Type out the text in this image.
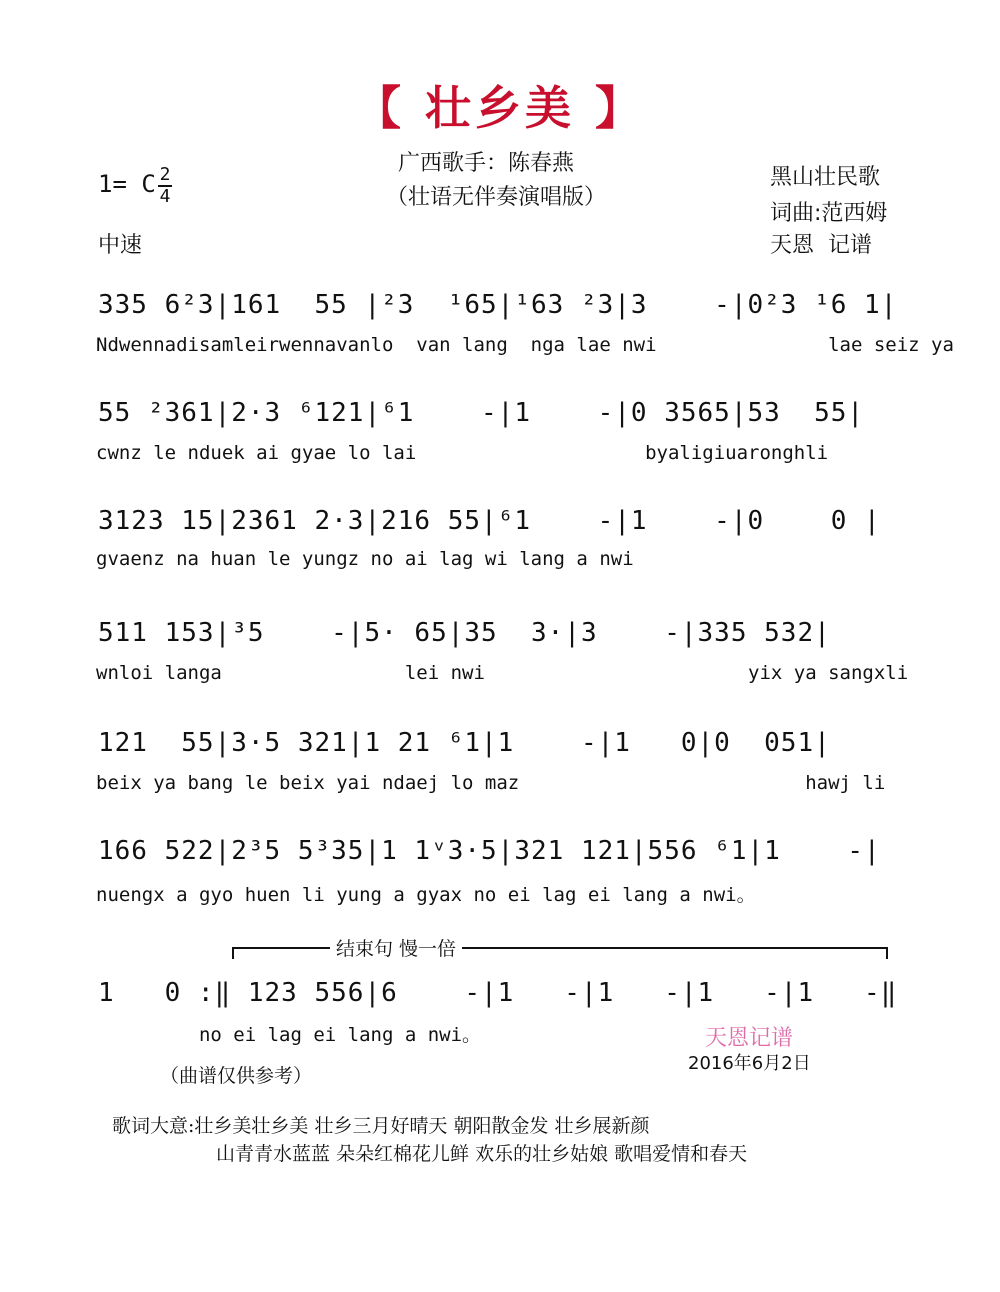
【 壮乡美 】
广西歌手：陈春燕
（壮语无伴奏演唱版）
1= C 2
4
中速
黑山壮民歌
词曲:范西姆
天恩  记谱
335 6²3|161  55 |²3  ¹65|¹63 ²3|3    -|0²3 ¹6 1|
Ndwennadisamleirwennavanlo  van lang  nga lae nwi               lae seiz ya
55 ²361|2·3 ⁶121|⁶1    -|1    -|0 3565|53  55|
cwnz le nduek ai gyae lo lai                    byaligiuaronghli
3123 15|2361 2·3|216 55|⁶1    -|1    -|0    0 |
gvaenz na huan le yungz no ai lag wi lang a nwi
511 153|³5    -|5· 65|35  3·|3    -|335 532|
wnloi langa                lei nwi                       yix ya sangxli
121  55|3·5 321|1 21 ⁶1|1    -|1   0|0  051|
beix ya bang le beix yai ndaej lo maz                         hawj li
166 522|2³5 5³35|1 1ᵛ3·5|321 121|556 ⁶1|1    -|
nuengx a gyo huen li yung a gyax no ei lag ei lang a nwi。
结束句 慢一倍
1   0 :‖ 123 556|6    -|1   -|1   -|1   -|1   -‖
no ei lag ei lang a nwi。	天恩记谱
2016年6月2日
（曲谱仅供参考）
歌词大意:壮乡美壮乡美 壮乡三月好晴天 朝阳散金发 壮乡展新颜
山青青水蓝蓝 朵朵红棉花儿鲜 欢乐的壮乡姑娘 歌唱爱情和春天
